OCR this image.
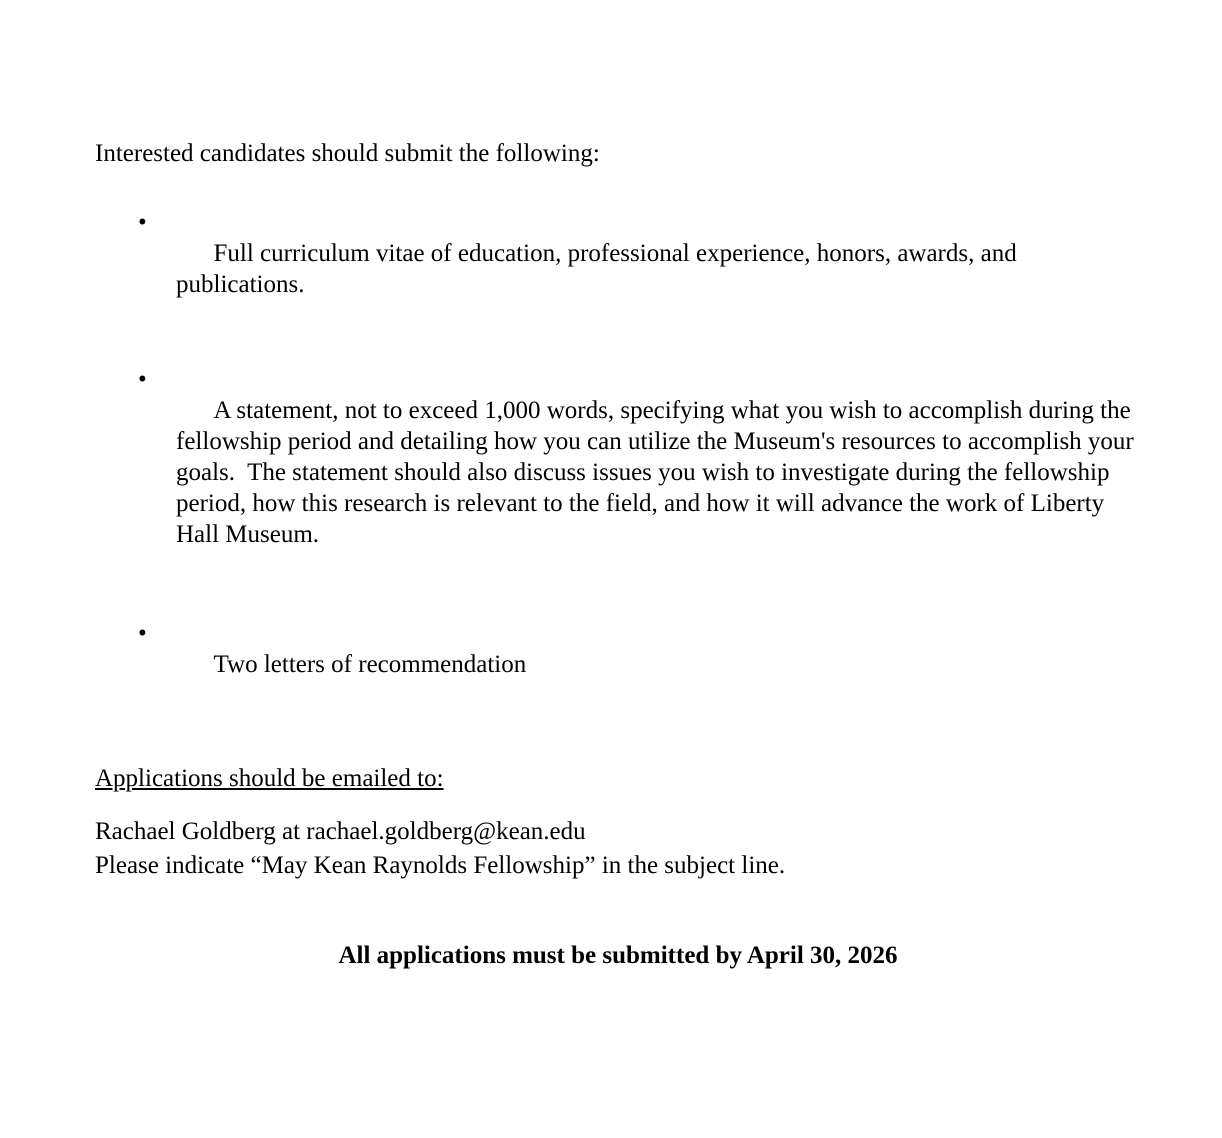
Interested candidates should submit the following:

•
Full curriculum vitae of education, professional experience, honors, awards, and publications.

•
A statement, not to exceed 1,000 words, specifying what you wish to accomplish during the fellowship period and detailing how you can utilize the Museum's resources to accomplish your goals.  The statement should also discuss issues you wish to investigate during the fellowship period, how this research is relevant to the field, and how it will advance the work of Liberty Hall Museum.

•
Two letters of recommendation

Applications should be emailed to:

Rachael Goldberg at rachael.goldberg@kean.edu

Please indicate “May Kean Raynolds Fellowship” in the subject line.

All applications must be submitted by April 30, 2026
